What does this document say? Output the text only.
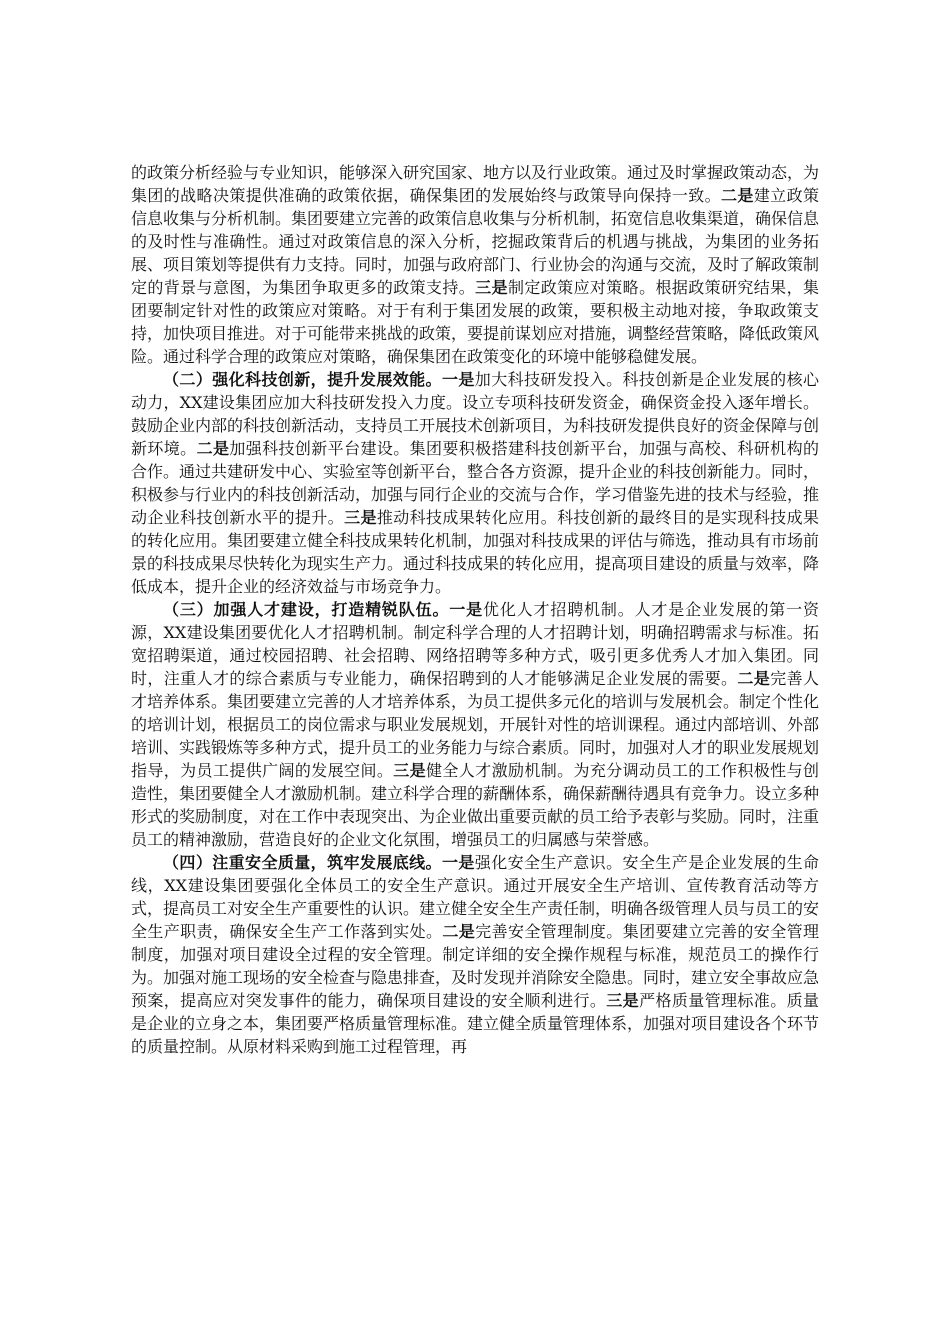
的政策分析经验与专业知识，能够深入研究国家、地方以及行业政策。通过及时掌握政策动态，为集团的战略决策提供准确的政策依据，确保集团的发展始终与政策导向保持一致。二是建立政策信息收集与分析机制。集团要建立完善的政策信息收集与分析机制，拓宽信息收集渠道，确保信息的及时性与准确性。通过对政策信息的深入分析，挖掘政策背后的机遇与挑战，为集团的业务拓展、项目策划等提供有力支持。同时，加强与政府部门、行业协会的沟通与交流，及时了解政策制定的背景与意图，为集团争取更多的政策支持。三是制定政策应对策略。根据政策研究结果，集团要制定针对性的政策应对策略。对于有利于集团发展的政策，要积极主动地对接，争取政策支持，加快项目推进。对于可能带来挑战的政策，要提前谋划应对措施，调整经营策略，降低政策风险。通过科学合理的政策应对策略，确保集团在政策变化的环境中能够稳健发展。

（二）强化科技创新，提升发展效能。一是加大科技研发投入。科技创新是企业发展的核心动力，XX建设集团应加大科技研发投入力度。设立专项科技研发资金，确保资金投入逐年增长。鼓励企业内部的科技创新活动，支持员工开展技术创新项目，为科技研发提供良好的资金保障与创新环境。二是加强科技创新平台建设。集团要积极搭建科技创新平台，加强与高校、科研机构的合作。通过共建研发中心、实验室等创新平台，整合各方资源，提升企业的科技创新能力。同时，积极参与行业内的科技创新活动，加强与同行企业的交流与合作，学习借鉴先进的技术与经验，推动企业科技创新水平的提升。三是推动科技成果转化应用。科技创新的最终目的是实现科技成果的转化应用。集团要建立健全科技成果转化机制，加强对科技成果的评估与筛选，推动具有市场前景的科技成果尽快转化为现实生产力。通过科技成果的转化应用，提高项目建设的质量与效率，降低成本，提升企业的经济效益与市场竞争力。

（三）加强人才建设，打造精锐队伍。一是优化人才招聘机制。人才是企业发展的第一资源，XX建设集团要优化人才招聘机制。制定科学合理的人才招聘计划，明确招聘需求与标准。拓宽招聘渠道，通过校园招聘、社会招聘、网络招聘等多种方式，吸引更多优秀人才加入集团。同时，注重人才的综合素质与专业能力，确保招聘到的人才能够满足企业发展的需要。二是完善人才培养体系。集团要建立完善的人才培养体系，为员工提供多元化的培训与发展机会。制定个性化的培训计划，根据员工的岗位需求与职业发展规划，开展针对性的培训课程。通过内部培训、外部培训、实践锻炼等多种方式，提升员工的业务能力与综合素质。同时，加强对人才的职业发展规划指导，为员工提供广阔的发展空间。三是健全人才激励机制。为充分调动员工的工作积极性与创造性，集团要健全人才激励机制。建立科学合理的薪酬体系，确保薪酬待遇具有竞争力。设立多种形式的奖励制度，对在工作中表现突出、为企业做出重要贡献的员工给予表彰与奖励。同时，注重员工的精神激励，营造良好的企业文化氛围，增强员工的归属感与荣誉感。

（四）注重安全质量，筑牢发展底线。一是强化安全生产意识。安全生产是企业发展的生命线，XX建设集团要强化全体员工的安全生产意识。通过开展安全生产培训、宣传教育活动等方式，提高员工对安全生产重要性的认识。建立健全安全生产责任制，明确各级管理人员与员工的安全生产职责，确保安全生产工作落到实处。二是完善安全管理制度。集团要建立完善的安全管理制度，加强对项目建设全过程的安全管理。制定详细的安全操作规程与标准，规范员工的操作行为。加强对施工现场的安全检查与隐患排查，及时发现并消除安全隐患。同时，建立安全事故应急预案，提高应对突发事件的能力，确保项目建设的安全顺利进行。三是严格质量管理标准。质量是企业的立身之本，集团要严格质量管理标准。建立健全质量管理体系，加强对项目建设各个环节的质量控制。从原材料采购到施工过程管理，再
